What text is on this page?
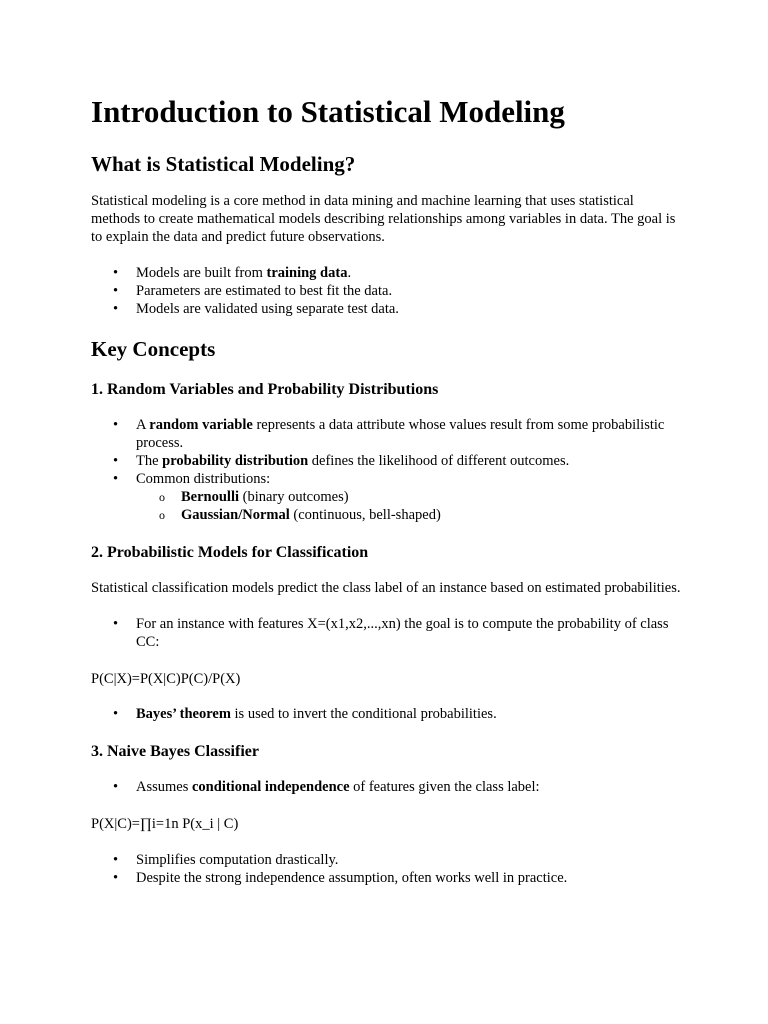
Introduction to Statistical Modeling
What is Statistical Modeling?

Statistical modeling is a core method in data mining and machine learning that uses statistical methods to create mathematical models describing relationships among variables in data. The goal is to explain the data and predict future observations.

• Models are built from training data.
• Parameters are estimated to best fit the data.
• Models are validated using separate test data.
Key Concepts
1. Random Variables and Probability Distributions
• A random variable represents a data attribute whose values result from some probabilistic process.
• The probability distribution defines the likelihood of different outcomes.
• Common distributions:
o Bernoulli (binary outcomes)
o Gaussian/Normal (continuous, bell-shaped)
2. Probabilistic Models for Classification

Statistical classification models predict the class label of an instance based on estimated probabilities.

• For an instance with features X=(x1,x2,...,xn) the goal is to compute the probability of class CC:

P(C|X)=P(X|C)P(C)/P(X)

• Bayes’ theorem is used to invert the conditional probabilities.
3. Naive Bayes Classifier
• Assumes conditional independence of features given the class label:

P(X|C)=∏i=1n P(x_i | C)

• Simplifies computation drastically.
• Despite the strong independence assumption, often works well in practice.
